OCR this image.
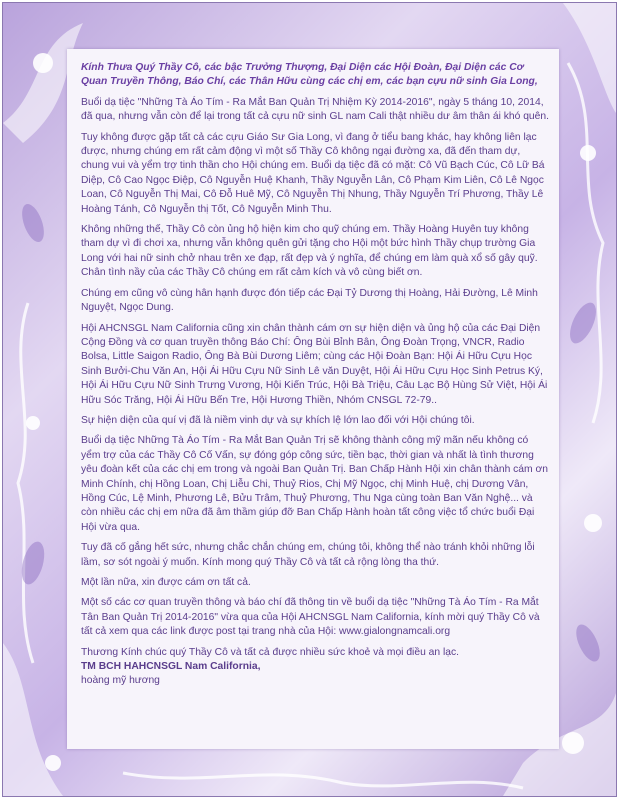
Kính Thưa Quý Thầy Cô, các bậc Trưởng Thượng, Đại Diện các Hội Đoàn, Đại Diện các Cơ Quan Truyền Thông, Báo Chí, các Thân Hữu cùng các chị em, các bạn cựu nữ sinh Gia Long,

Buổi dạ tiệc "Những Tà Áo Tím - Ra Mắt Ban Quản Trị Nhiệm Kỳ 2014-2016", ngày 5 tháng 10, 2014, đã qua, nhưng vẫn còn để lại trong tất cả cựu nữ sinh GL nam Cali thật nhiều dư âm thân ái khó quên.

Tuy không được gặp tất cả các cựu Giáo Sư Gia Long, vì đang ở tiểu bang khác, hay không liên lạc được, nhưng chúng em rất cảm động vì một số Thầy Cô không ngại đường xa, đã đến tham dự, chung vui và yểm trợ tinh thần cho Hội chúng em. Buổi dạ tiệc đã có mặt: Cô Vũ Bạch Cúc, Cô Lữ Bá Diệp, Cô Cao Ngọc Điệp, Cô Nguyễn Huệ Khanh, Thầy Nguyễn Lân, Cô Phạm Kim Liên, Cô Lê Ngọc Loan, Cô Nguyễn Thị Mai, Cô Đỗ Huê Mỹ, Cô Nguyễn Thị Nhung, Thầy Nguyễn Trí Phương, Thầy Lê Hoàng Tánh, Cô Nguyễn thị Tốt, Cô Nguyễn Minh Thu.

Không những thế, Thầy Cô còn ủng hộ hiện kim cho quỹ chúng em. Thầy Hoàng Huyên tuy không tham dự vì đi chơi xa, nhưng vẫn không quên gửi tặng cho Hội một bức hình Thầy chụp trường Gia Long với hai nữ sinh chở nhau trên xe đạp, rất đẹp và ý nghĩa, để chúng em làm quà xổ số gây quỹ. Chân tình nầy của các Thầy Cô chúng em rất cảm kích và vô cùng biết ơn.

Chúng em cũng vô cùng hân hạnh được đón tiếp các Đại Tỷ Dương thị Hoàng, Hải Đường, Lê Minh Nguyệt, Ngọc Dung.

Hội AHCNSGL Nam California cũng xin chân thành cám ơn sự hiện diện và ủng hộ của các Đại Diện Cộng Đồng và cơ quan truyền thông Báo Chí: Ông Bùi Bỉnh Bân, Ông Đoàn Trọng, VNCR, Radio Bolsa, Little Saigon Radio, Ông Bà Bùi Dương Liêm; cùng các Hội Đoàn Bạn: Hội Ái Hữu Cựu Học Sinh Bưởi-Chu Văn An, Hội Ái Hữu Cựu Nữ Sinh Lê văn Duyệt, Hội Ái Hữu Cựu Học Sinh Petrus Ký, Hội Ái Hữu Cựu Nữ Sinh Trưng Vương, Hội Kiến Trúc, Hội Bà Triệu, Câu Lạc Bộ Hùng Sử Việt, Hội Ái Hữu Sóc Trăng, Hội Ái Hữu Bến Tre, Hội Hương Thiền, Nhóm CNSGL 72-79..

Sự hiện diện của quí vị đã là niềm vinh dự và sự khích lệ lớn lao đối với Hội chúng tôi.

Buổi dạ tiệc Những Tà Áo Tím - Ra Mắt Ban Quản Trị sẽ không thành công mỹ mãn nếu không có yểm trợ của các Thầy Cô Cố Vấn, sự đóng góp công sức, tiền bạc, thời gian và nhất là tình thương yêu đoàn kết của các chị em trong và ngoài Ban Quản Trị. Ban Chấp Hành Hội xin chân thành cám ơn Minh Chính, chị Hồng Loan, Chị Liễu Chi, Thuỷ Rios, Chị Mỹ Ngọc, chị Minh Huệ, chị Dương Vân, Hồng Cúc, Lệ Minh, Phương Lê, Bửu Trâm, Thuỷ Phương, Thu Nga cùng toàn Ban Văn Nghệ... và còn nhiều các chị em nữa đã âm thầm giúp đỡ Ban Chấp Hành hoàn tất công việc tổ chức buổi Đại Hội vừa qua.

Tuy đã cố gắng hết sức, nhưng chắc chắn chúng em, chúng tôi, không thể nào tránh khỏi những lỗi lầm, sơ sót ngoài ý muốn. Kính mong quý Thầy Cô và tất cả rộng lòng tha thứ.

Một lần nữa, xin được cám ơn tất cả.

Một số các cơ quan truyền thông và báo chí đã thông tin về buổi dạ tiệc "Những Tà Áo Tím - Ra Mắt Tân Ban Quản Trị 2014-2016" vừa qua của Hội AHCNSGL Nam California, kính mời quý Thầy Cô và tất cả xem qua các link được post tại trang nhà của Hội: www.gialongnamcali.org

Thương Kính chúc quý Thầy Cô và tất cả được nhiều sức khoẻ và mọi điều an lạc.

TM BCH HAHCNSGL Nam California,

hoàng mỹ hương
